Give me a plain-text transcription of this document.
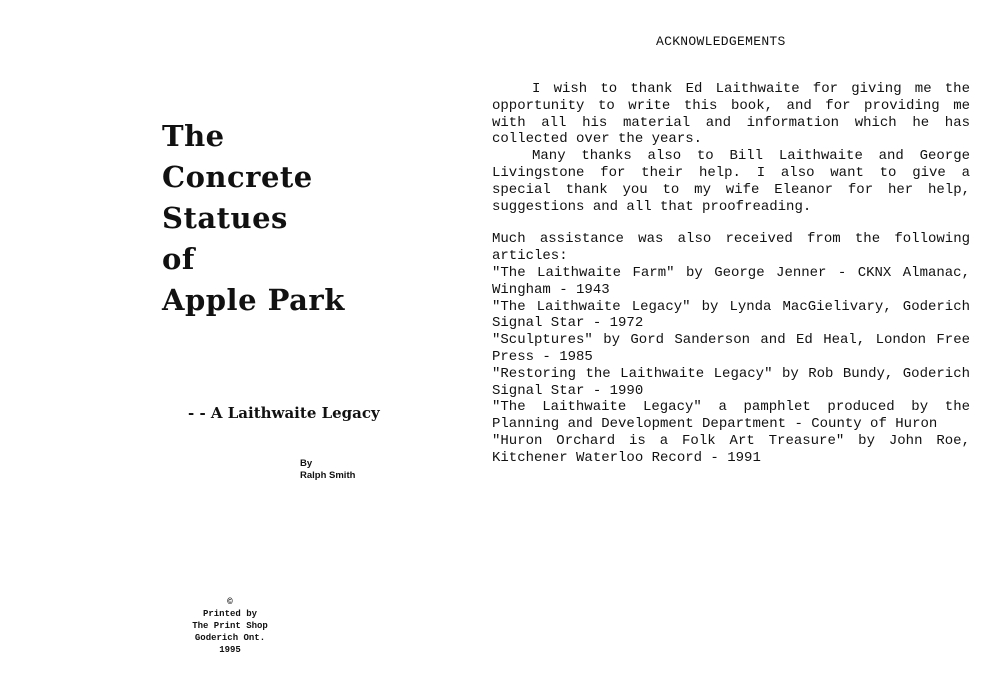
The
Concrete
Statues
of
Apple Park
- - A Laithwaite Legacy
By
Ralph Smith
©
Printed by
The Print Shop
Goderich Ont.
1995
ACKNOWLEDGEMENTS

I wish to thank Ed Laithwaite for giving me the opportunity to write this book, and for providing me with all his material and information which he has collected over the years.

Many thanks also to Bill Laithwaite and George Livingstone for their help. I also want to give a special thank you to my wife Eleanor for her help, suggestions and all that proofreading.

Much assistance was also received from the following articles:

"The Laithwaite Farm" by George Jenner - CKNX Almanac, Wingham - 1943

"The Laithwaite Legacy" by Lynda MacGielivary, Goderich Signal Star - 1972

"Sculptures" by Gord Sanderson and Ed Heal, London Free Press - 1985

"Restoring the Laithwaite Legacy" by Rob Bundy, Goderich Signal Star - 1990

"The Laithwaite Legacy" a pamphlet produced by the Planning and Development Department - County of Huron

"Huron Orchard is a Folk Art Treasure" by John Roe, Kitchener Waterloo Record - 1991
